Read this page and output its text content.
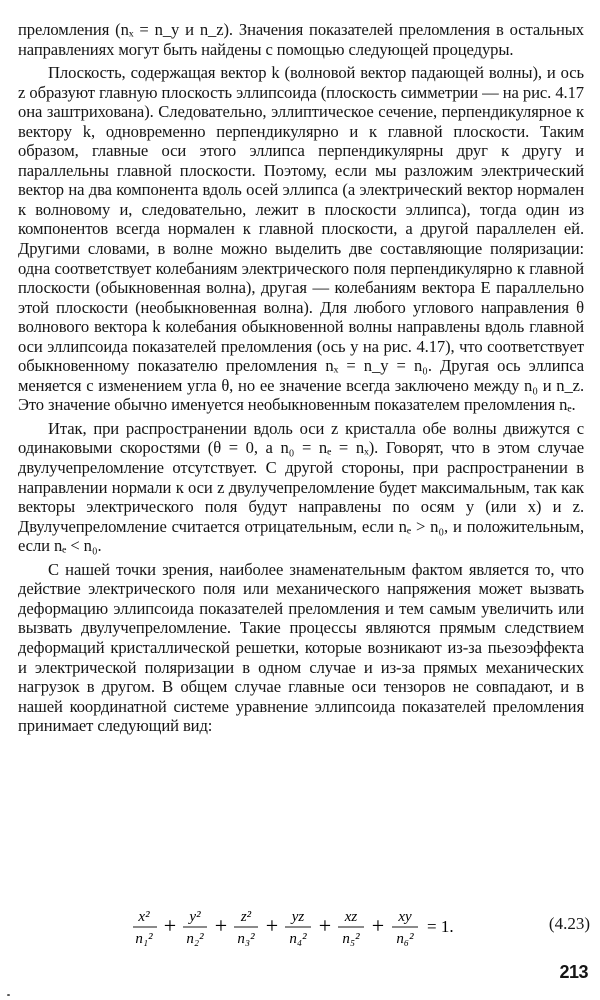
преломления (nₓ = n_y и n_z). Значения показателей преломления в остальных направлениях могут быть найдены с помощью следующей процедуры.

Плоскость, содержащая вектор k (волновой вектор падающей волны), и ось z образуют главную плоскость эллипсоида (плоскость симметрии — на рис. 4.17 она заштрихована). Следовательно, эллиптическое сечение, перпендикулярное к вектору k, одновременно перпендикулярно и к главной плоскости. Таким образом, главные оси этого эллипса перпендикулярны друг к другу и параллельны главной плоскости. Поэтому, если мы разложим электрический вектор на два компонента вдоль осей эллипса (а электрический вектор нормален к волновому и, следовательно, лежит в плоскости эллипса), тогда один из компонентов всегда нормален к главной плоскости, а другой параллелен ей. Другими словами, в волне можно выделить две составляющие поляризации: одна соответствует колебаниям электрического поля перпендикулярно к главной плоскости (обыкновенная волна), другая — колебаниям вектора E параллельно этой плоскости (необыкновенная волна). Для любого углового направления θ волнового вектора k колебания обыкновенной волны направлены вдоль главной оси эллипсоида показателей преломления (ось y на рис. 4.17), что соответствует обыкновенному показателю преломления nₓ = n_y = n₀. Другая ось эллипса меняется с изменением угла θ, но ее значение всегда заключено между n₀ и n_z. Это значение обычно именуется необыкновенным показателем преломления nₑ.

Итак, при распространении вдоль оси z кристалла обе волны движутся с одинаковыми скоростями (θ = 0, а n₀ = nₑ = nₓ). Говорят, что в этом случае двулучепреломление отсутствует. С другой стороны, при распространении в направлении нормали к оси z двулучепреломление будет максимальным, так как векторы электрического поля будут направлены по осям y (или x) и z. Двулучепреломление считается отрицательным, если nₑ > n₀, и положительным, если nₑ < n₀.

С нашей точки зрения, наиболее знаменательным фактом является то, что действие электрического поля или механического напряжения может вызвать деформацию эллипсоида показателей преломления и тем самым увеличить или вызвать двулучепреломление. Такие процессы являются прямым следствием деформаций кристаллической решетки, которые возникают из-за пьезоэффекта и электрической поляризации в одном случае и из-за прямых механических нагрузок в другом. В общем случае главные оси тензоров не совпадают, и в нашей координатной системе уравнение эллипсоида показателей преломления принимает следующий вид:

x²
n₁²
+ y²
n₂²
+ z²
n₃²
+ yz
n₄²
+ xz
n₅²
+ xy
n₆²
= 1.	(4.23)
213
